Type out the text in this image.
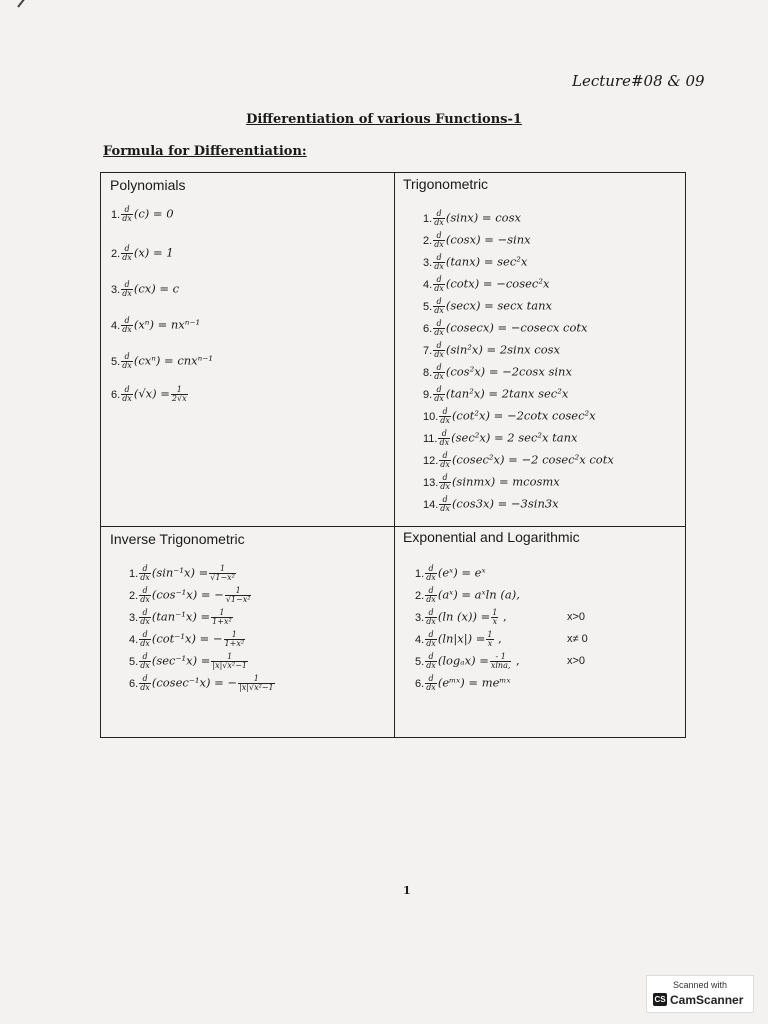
Lecture#08 & 09
Differentiation of various Functions-1
Formula for Differentiation:
Polynomials	Trigonometric
Inverse Trigonometric	Exponential and Logarithmic
1. $\frac{d}{dx} (c) = 0$
2. $\frac{d}{dx} (x) = 1$
3. $\frac{d}{dx} (cx) = c$
4. $\frac{d}{dx} (x^n) = nx^{n-1}$
5. $\frac{d}{dx} (cx^n) = cnx^{n-1}$
6. $\frac{d}{dx} (√x) = \frac{1}{2√x}$
1. $\frac{d}{dx} (\sin x) = \cos x$
2. $\frac{d}{dx} (\cos x) = -\sin x$
3. $\frac{d}{dx} (\tan x) = \sec^2x$
4. $\frac{d}{dx} (\cot x) = -cosec^2x$
5. $\frac{d}{dx} (\sec x) = \sec x$ tanx
6. $\frac{d}{dx} (cosecx) = -cosecx$ cotx
7. $\frac{d}{dx} (\sin^2x) = 2\sin x$ cosx
8. $\frac{d}{dx} (\cos^2x) = -2\cos x$ sinx
9. $\frac{d}{dx} (\tan^2x) = 2\tan x$ sec²x
10. $\frac{d}{dx} (\cot^2x) = -2\cot x$ cosec²x
11. $\frac{d}{dx} (\sec^2x) = 2$ sec²x tanx
12. $\frac{d}{dx} (cosec^2x) = -2$ cosec²x cotx
13. $\frac{d}{dx}$ (sinmx) = mcosmx
14. $\frac{d}{dx} (\cos 3x) = -3\sin 3x$
1. $\frac{d}{dx} (\sin^{-1}x) = \frac{1}{\text{√1−x²}}$
2. $\frac{d}{dx} (\cos^{-1}x)$ = − $\frac{1}{\text{√1−x²}}$
3. $\frac{d}{dx} (\tan^{-1}x) = \frac{1}{\text{1+x²}}$
4. $\frac{d}{dx} (\cot^{-1}x)$ = − $\frac{1}{\text{1+x²}}$
5. $\frac{d}{dx} (\sec^{-1}x) = \frac{1}{\text{|x|√x²−1}}$
6. $\frac{d}{dx} (cosec^{-1}x)$ = − $\frac{1}{\text{|x|√x²−1}}$
1. $\frac{d}{dx}$ (eˣ) = eˣ
2. $\frac{d}{dx}$ (aˣ) = aˣln (a),
3. $\frac{d}{dx} (\ln$ $(x)) = \frac{1}{x}$ ,	x>0
4. $\frac{d}{dx} (\ln|x|) = \frac{1}{x}$ ,	x≠ 0
5. $\frac{d}{dx} (\log_ax) = \frac{- 1}{xlna,}$ ,	x>0
6. $\frac{d}{dx}$ (eᵐˣ) = meᵐˣ
1
Scanned with
CS CamScanner
